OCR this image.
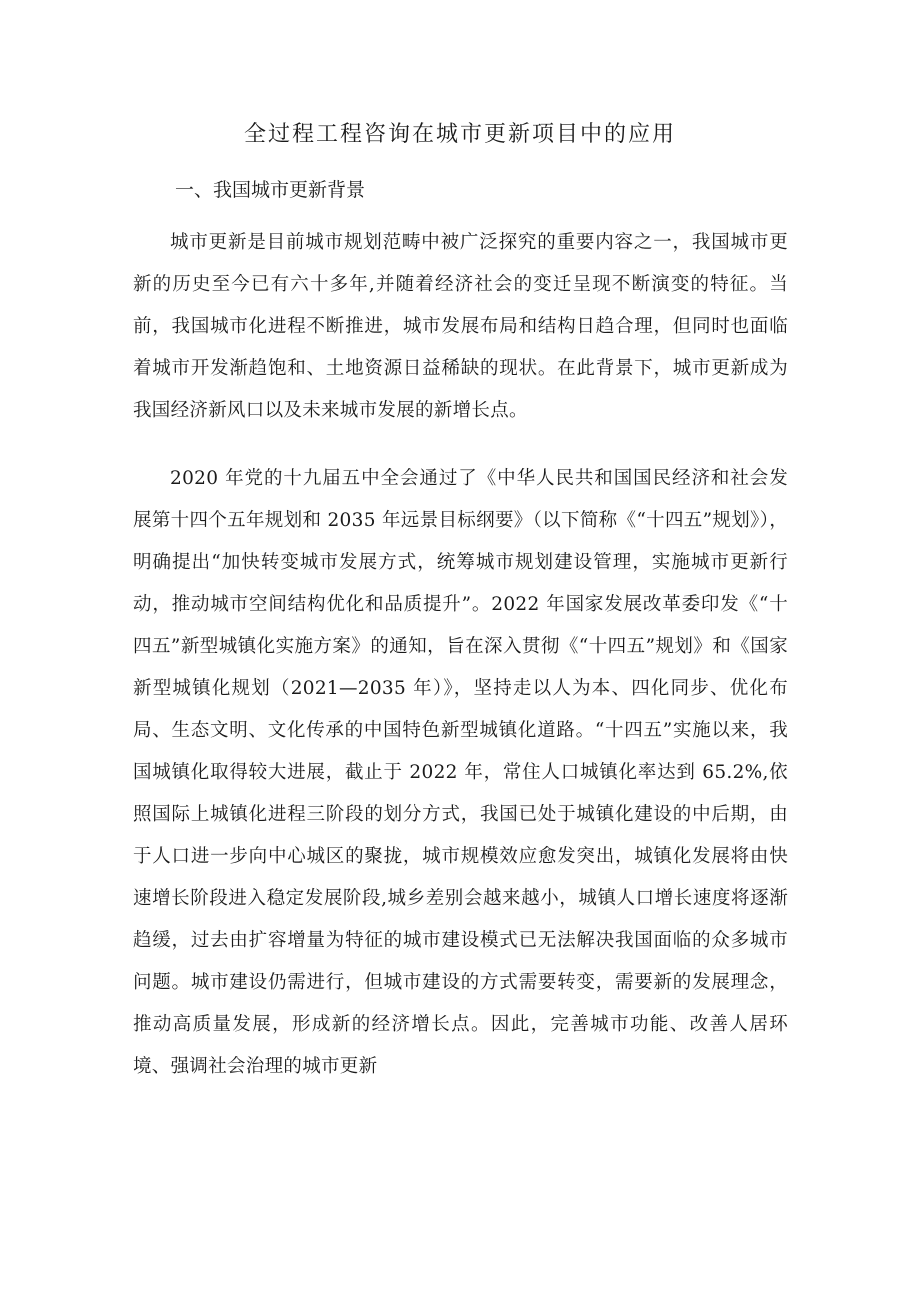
全过程工程咨询在城市更新项目中的应用
一、我国城市更新背景

城市更新是目前城市规划范畴中被广泛探究的重要内容之一，我国城市更新的历史至今已有六十多年,并随着经济社会的变迁呈现不断演变的特征。当前，我国城市化进程不断推进，城市发展布局和结构日趋合理，但同时也面临着城市开发渐趋饱和、土地资源日益稀缺的现状。在此背景下，城市更新成为我国经济新风口以及未来城市发展的新增长点。

2020 年党的十九届五中全会通过了《中华人民共和国国民经济和社会发展第十四个五年规划和 2035 年远景目标纲要》（以下简称《“十四五”规划》），明确提出“加快转变城市发展方式，统筹城市规划建设管理，实施城市更新行动，推动城市空间结构优化和品质提升”。2022 年国家发展改革委印发《“十四五”新型城镇化实施方案》的通知，旨在深入贯彻《“十四五”规划》和《国家新型城镇化规划（2021—2035 年）》，坚持走以人为本、四化同步、优化布局、生态文明、文化传承的中国特色新型城镇化道路。“十四五”实施以来，我国城镇化取得较大进展，截止于 2022 年，常住人口城镇化率达到 65.2%,依照国际上城镇化进程三阶段的划分方式，我国已处于城镇化建设的中后期，由于人口进一步向中心城区的聚拢，城市规模效应愈发突出，城镇化发展将由快速增长阶段进入稳定发展阶段,城乡差别会越来越小，城镇人口增长速度将逐渐趋缓，过去由扩容增量为特征的城市建设模式已无法解决我国面临的众多城市问题。城市建设仍需进行，但城市建设的方式需要转变，需要新的发展理念，推动高质量发展，形成新的经济增长点。因此，完善城市功能、改善人居环境、强调社会治理的城市更新
